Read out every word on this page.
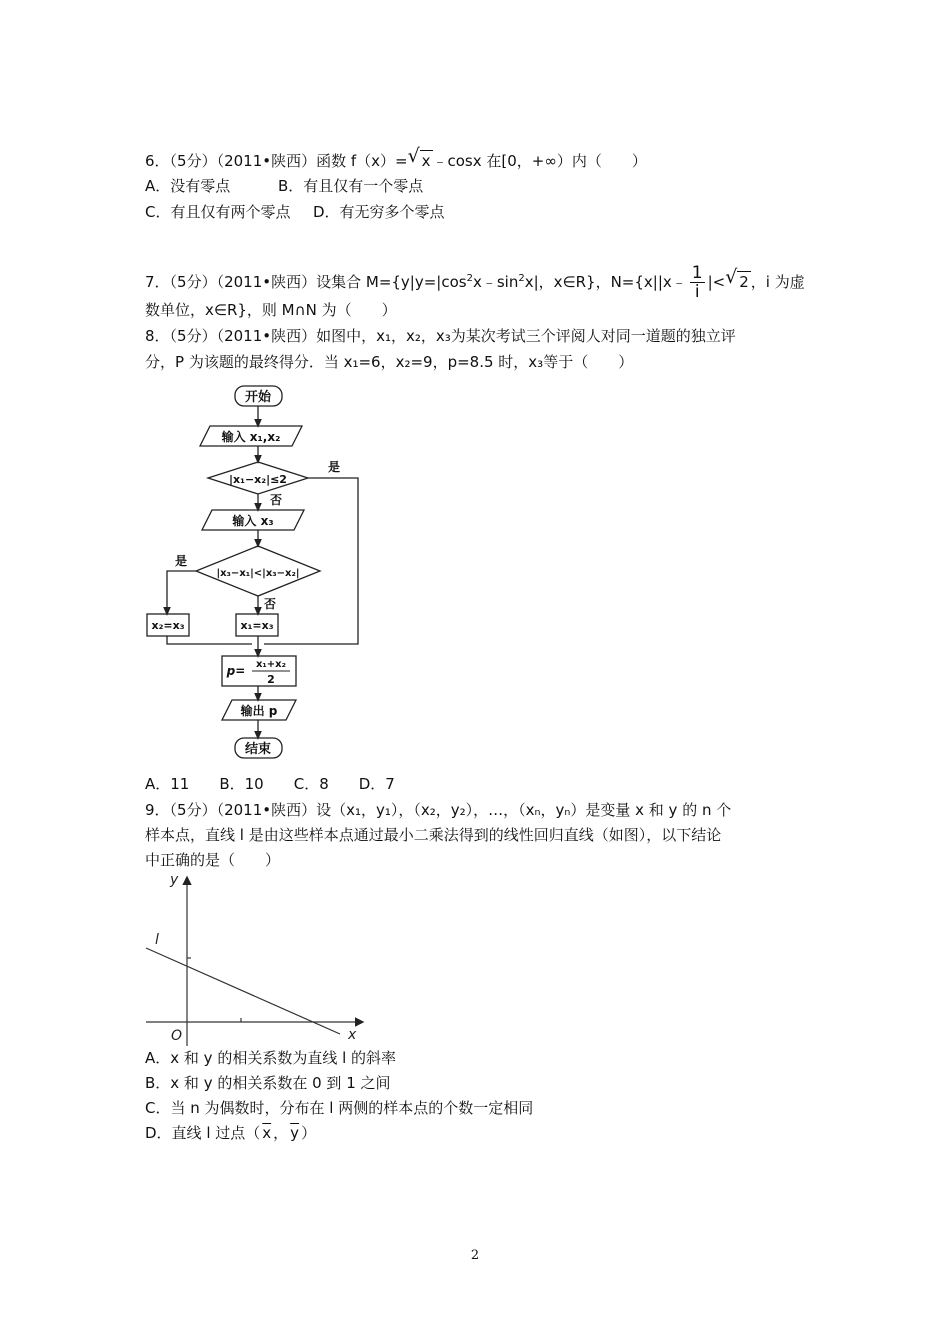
6．（5分）（2011•陕西）函数 f（x）= √ x ﹣cosx 在[0，+∞）内（　　）
A．没有零点	B．有且仅有一个零点
C．有且仅有两个零点 D．有无穷多个零点
7．（5分）（2011•陕西）设集合 $M=\{y|y=|\cos^2x﹣\sin^2x|$，x∈R}，N={x||x﹣ $\frac{1}{i}$ |< √ 2 ，i 为虚
数单位，x∈R}，则 M∩N 为（　　）
8．（5分）（2011•陕西）如图中，x₁，x₂，x₃为某次考试三个评阅人对同一道题的独立评
分，P 为该题的最终得分．当 x₁=6，x₂=9，p=8.5 时，x₃等于（　　）
开始
输入 x₁,x₂
|x₁−x₂|≤2
是
否
输入 x₃
|x₃−x₁|<|x₃−x₂|
是
否
x₂=x₃	x₁=x₃
p= x₁+x₂
2
输出 p
结束
A．11　　B．10　　C．8　　D．7
9．（5分）（2011•陕西）设（x₁，y₁），（x₂，y₂），…，（xₙ，yₙ）是变量 x 和 y 的 n 个
样本点，直线 l 是由这些样本点通过最小二乘法得到的线性回归直线（如图），以下结论
中正确的是（　　）
y
x
O
l
A．x 和 y 的相关系数为直线 l 的斜率
B．x 和 y 的相关系数在 0 到 1 之间
C．当 n 为偶数时，分布在 l 两侧的样本点的个数一定相同
D．直线 l 过点（ $\overline{x}$ ， $\overline{y}$ ）
2
